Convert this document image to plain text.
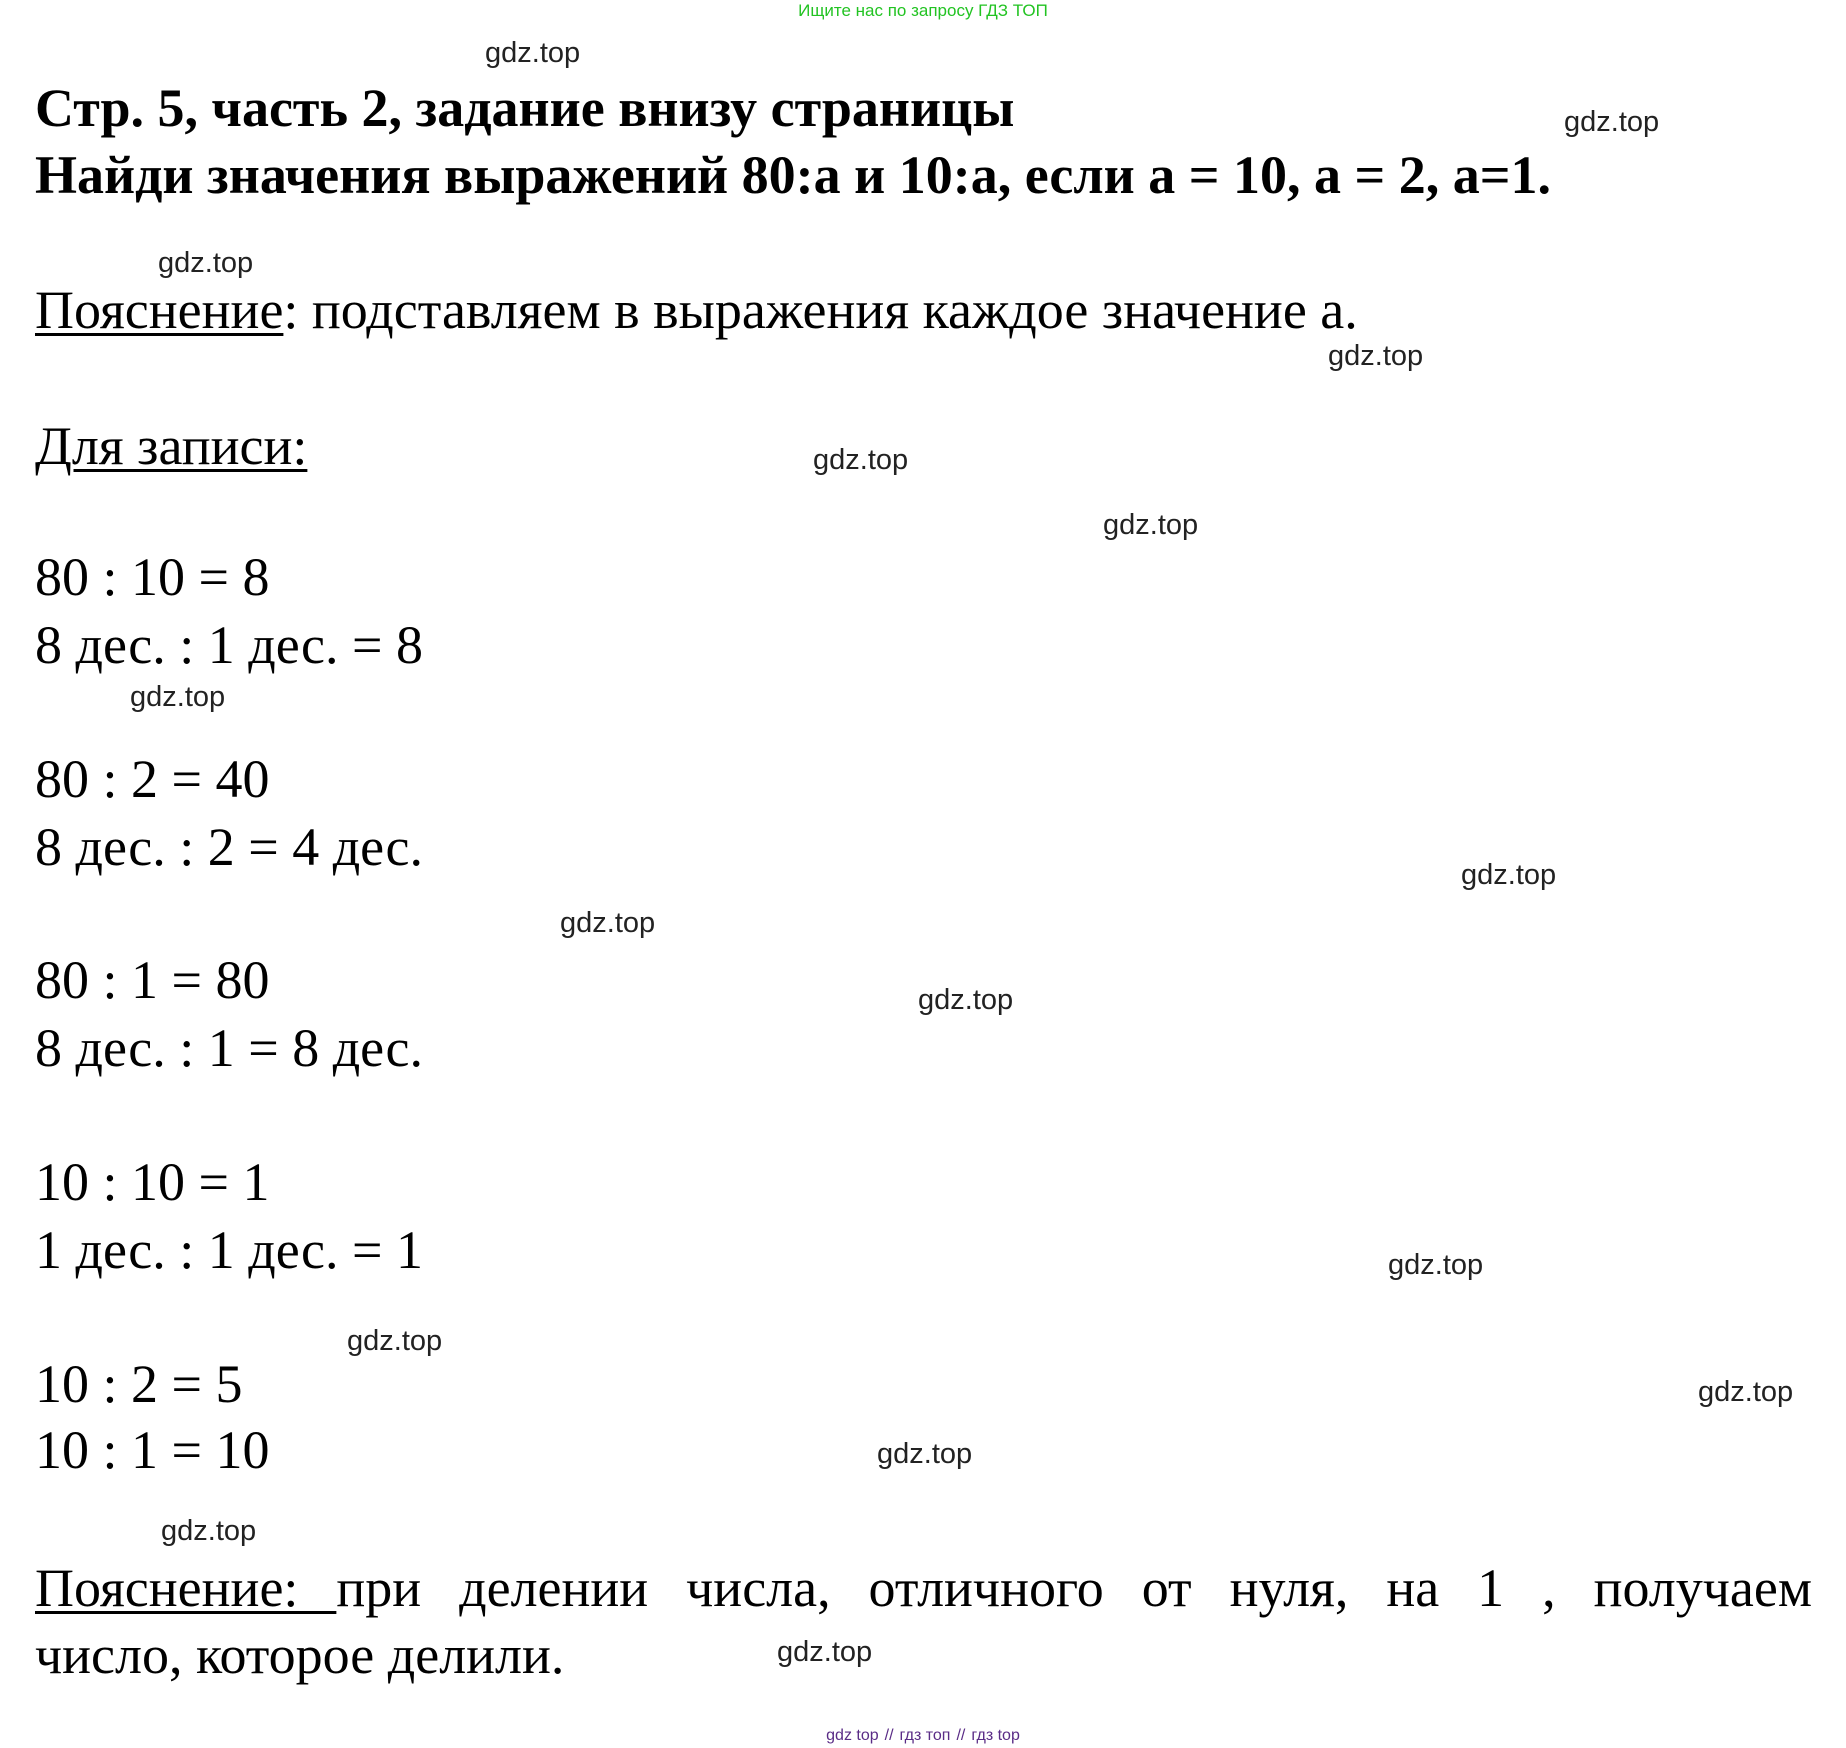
Ищите нас по запросу ГДЗ ТОП
Стр. 5, часть 2, задание внизу страницы
Найди значения выражений 80:а и 10:а, если а = 10, а = 2, а=1.
Пояснение: подставляем в выражения каждое значение а.
Для записи:
80 : 10 = 8
8 дес. : 1 дес. = 8
80 : 2 = 40
8 дес. : 2 = 4 дес.
80 : 1 = 80
8 дес. : 1 = 8 дес.
10 : 10 = 1
1 дес. : 1 дес. = 1
10 : 2 = 5
10 : 1 = 10
Пояснение: при делении числа, отличного от нуля, на 1 , получаем
число, которое делили.
gdz.top
gdz.top
gdz.top
gdz.top
gdz.top
gdz.top
gdz.top
gdz.top
gdz.top
gdz.top
gdz.top
gdz.top
gdz.top
gdz.top
gdz.top
gdz.top
gdz top // гдз топ // гдз top
